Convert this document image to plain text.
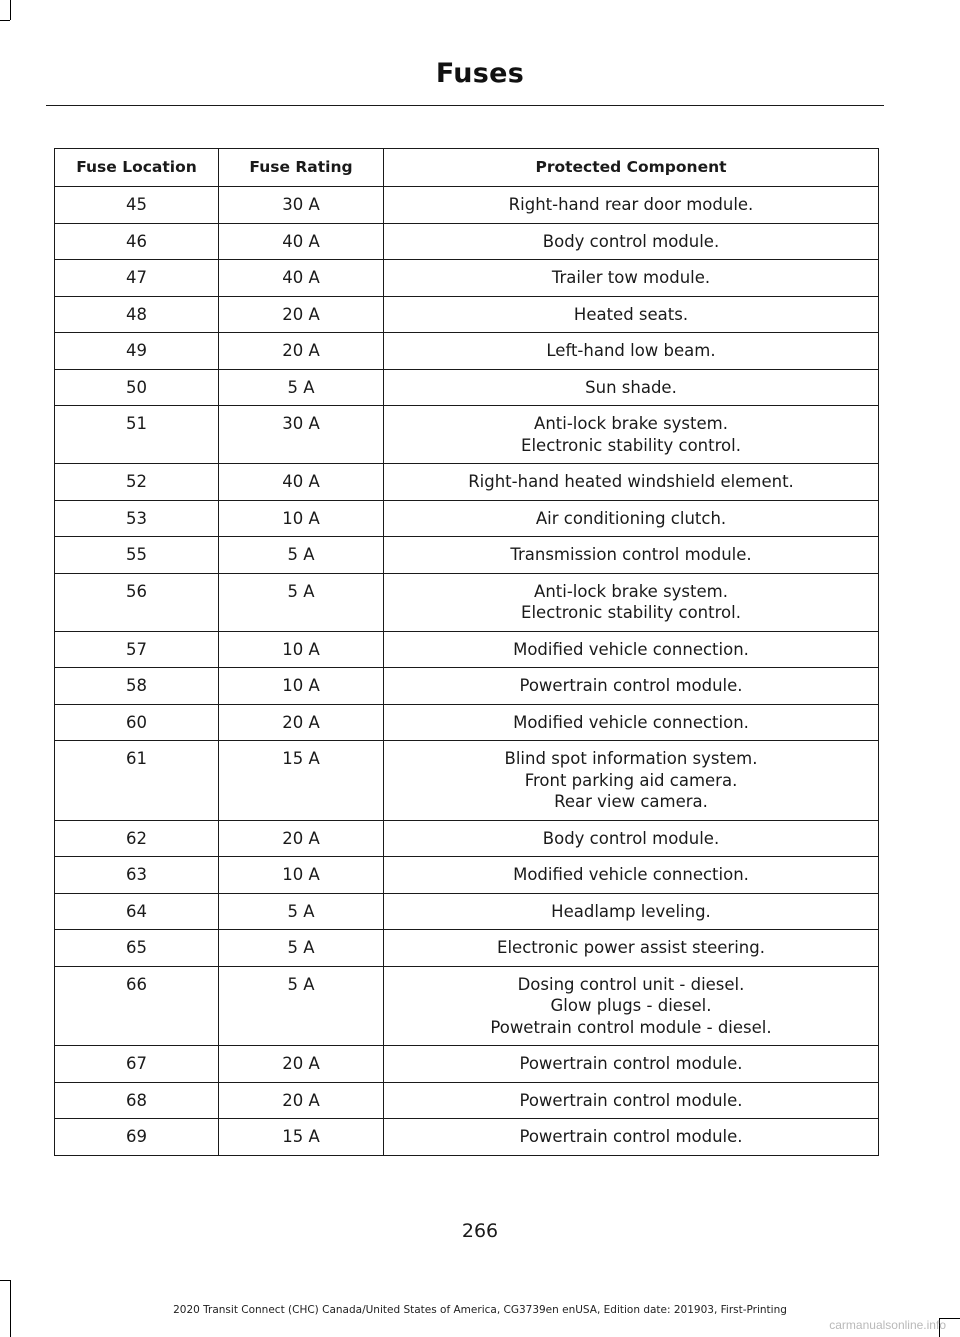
Fuses
Fuse Location	Fuse Rating	Protected Component
45	30 A	Right-hand rear door module.

46	40 A	Body control module.

47	40 A	Trailer tow module.

48	20 A	Heated seats.

49	20 A	Left-hand low beam.

50	5 A	Sun shade.

51	30 A	Anti-lock brake system.
Electronic stability control.

52	40 A	Right-hand heated windshield element.

53	10 A	Air conditioning clutch.

55	5 A	Transmission control module.

56	5 A	Anti-lock brake system.
Electronic stability control.

57	10 A	Modified vehicle connection.

58	10 A	Powertrain control module.

60	20 A	Modified vehicle connection.

61	15 A	Blind spot information system.
Front parking aid camera.
Rear view camera.

62	20 A	Body control module.

63	10 A	Modified vehicle connection.

64	5 A	Headlamp leveling.

65	5 A	Electronic power assist steering.

66	5 A	Dosing control unit - diesel.
Glow plugs - diesel.
Powetrain control module - diesel.

67	20 A	Powertrain control module.

68	20 A	Powertrain control module.

69	15 A	Powertrain control module.
266
2020 Transit Connect (CHC) Canada/United States of America, CG3739en enUSA, Edition date: 201903, First-Printing
carmanualsonline.info
